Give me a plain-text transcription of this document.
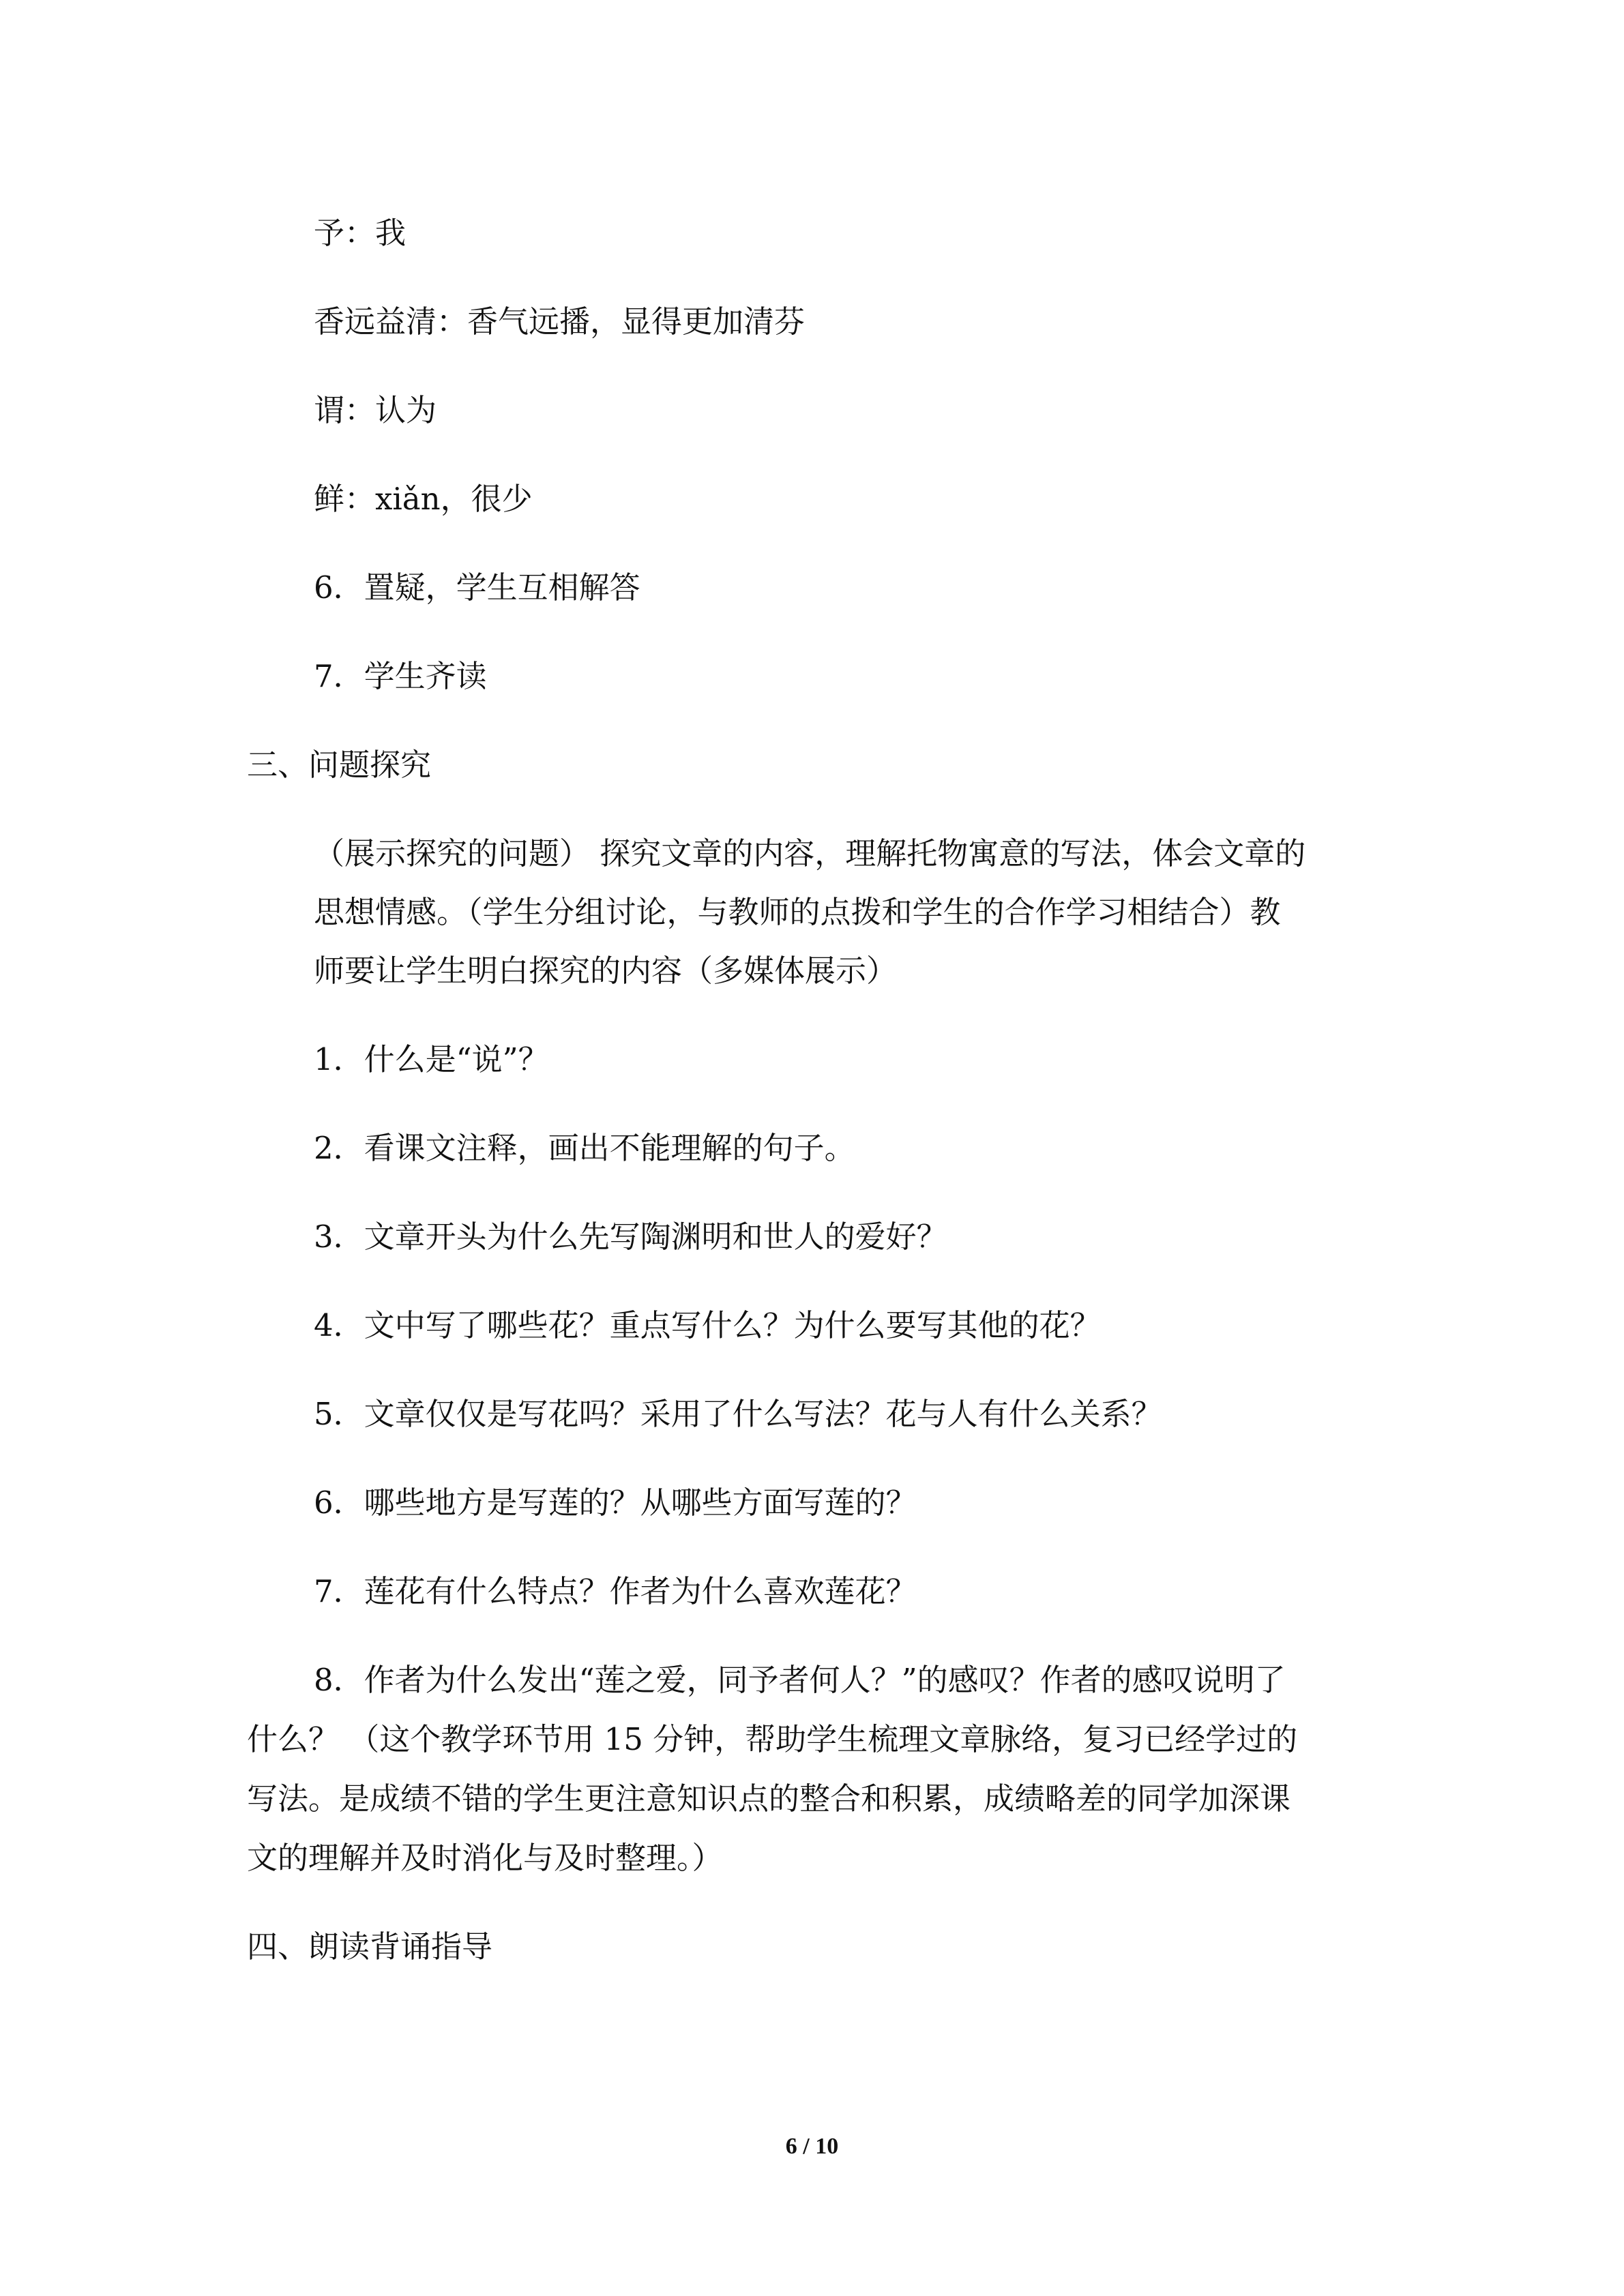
予：我

香远益清：香气远播，显得更加清芬

谓：认为

鲜：xiǎn，很少

6．置疑，学生互相解答

7．学生齐读

三、问题探究

（展示探究的问题） 探究文章的内容，理解托物寓意的写法，体会文章的

思想情感。（学生分组讨论，与教师的点拨和学生的合作学习相结合）教

师要让学生明白探究的内容（多媒体展示）

1．什么是“说”？

2．看课文注释，画出不能理解的句子。

3．文章开头为什么先写陶渊明和世人的爱好？

4．文中写了哪些花？重点写什么？为什么要写其他的花？

5．文章仅仅是写花吗？采用了什么写法？花与人有什么关系？

6．哪些地方是写莲的？从哪些方面写莲的？

7．莲花有什么特点？作者为什么喜欢莲花？

8．作者为什么发出“莲之爱，同予者何人？”的感叹？作者的感叹说明了

什么？ （这个教学环节用 15 分钟，帮助学生梳理文章脉络，复习已经学过的

写法。是成绩不错的学生更注意知识点的整合和积累，成绩略差的同学加深课

文的理解并及时消化与及时整理。）

四、朗读背诵指导
6 / 10
